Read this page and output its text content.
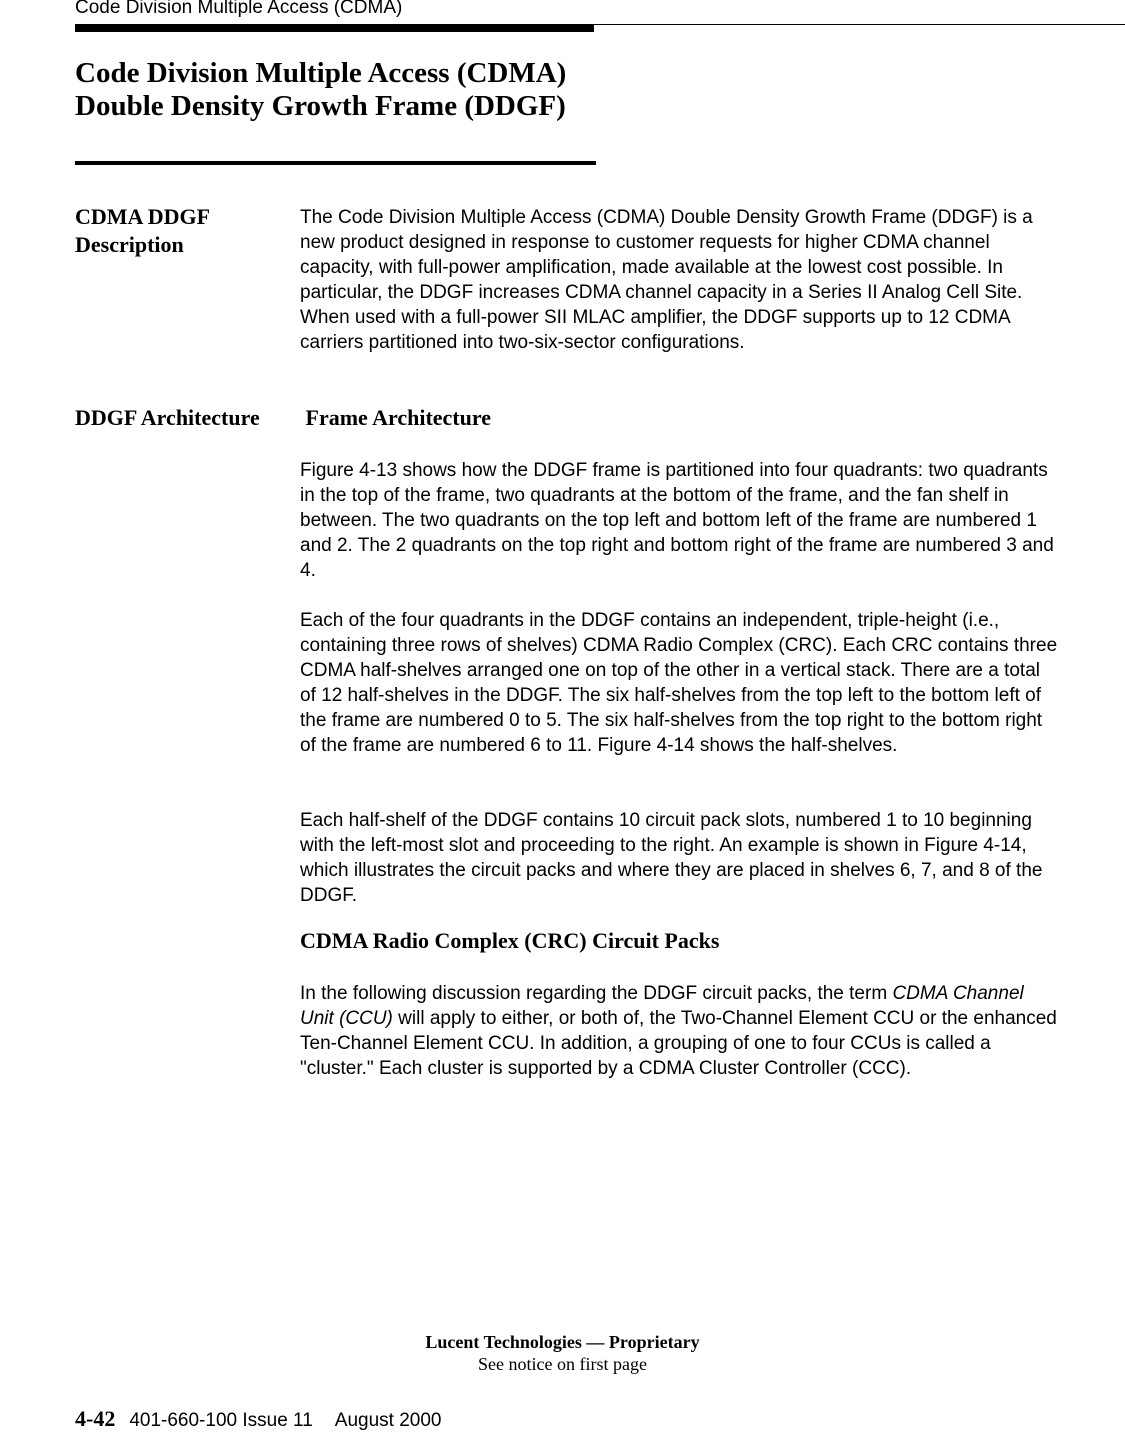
Code Division Multiple Access (CDMA)
Code Division Multiple Access (CDMA) Double Density Growth Frame (DDGF)
CDMA DDGF Description

The Code Division Multiple Access (CDMA) Double Density Growth Frame (DDGF) is a new product designed in response to customer requests for higher CDMA channel capacity, with full-power amplification, made available at the lowest cost possible. In particular, the DDGF increases CDMA channel capacity in a Series II Analog Cell Site. When used with a full-power SII MLAC amplifier, the DDGF supports up to 12 CDMA carriers partitioned into two-six-sector configurations.

DDGF Architecture	Frame Architecture

Figure 4-13 shows how the DDGF frame is partitioned into four quadrants: two quadrants in the top of the frame, two quadrants at the bottom of the frame, and the fan shelf in between. The two quadrants on the top left and bottom left of the frame are numbered 1 and 2. The 2 quadrants on the top right and bottom right of the frame are numbered 3 and 4.

Each of the four quadrants in the DDGF contains an independent, triple-height (i.e., containing three rows of shelves) CDMA Radio Complex (CRC). Each CRC contains three CDMA half-shelves arranged one on top of the other in a vertical stack. There are a total of 12 half-shelves in the DDGF. The six half-shelves from the top left to the bottom left of the frame are numbered 0 to 5. The six half-shelves from the top right to the bottom right of the frame are numbered 6 to 11. Figure 4-14 shows the half-shelves.

Each half-shelf of the DDGF contains 10 circuit pack slots, numbered 1 to 10 beginning with the left-most slot and proceeding to the right. An example is shown in Figure 4-14, which illustrates the circuit packs and where they are placed in shelves 6, 7, and 8 of the DDGF.

CDMA Radio Complex (CRC) Circuit Packs

In the following discussion regarding the DDGF circuit packs, the term CDMA Channel Unit (CCU) will apply to either, or both of, the Two-Channel Element CCU or the enhanced Ten-Channel Element CCU. In addition, a grouping of one to four CCUs is called a "cluster." Each cluster is supported by a CDMA Cluster Controller (CCC).

Lucent Technologies — Proprietary
See notice on first page
4-42 401-660-100 Issue 11 August 2000
